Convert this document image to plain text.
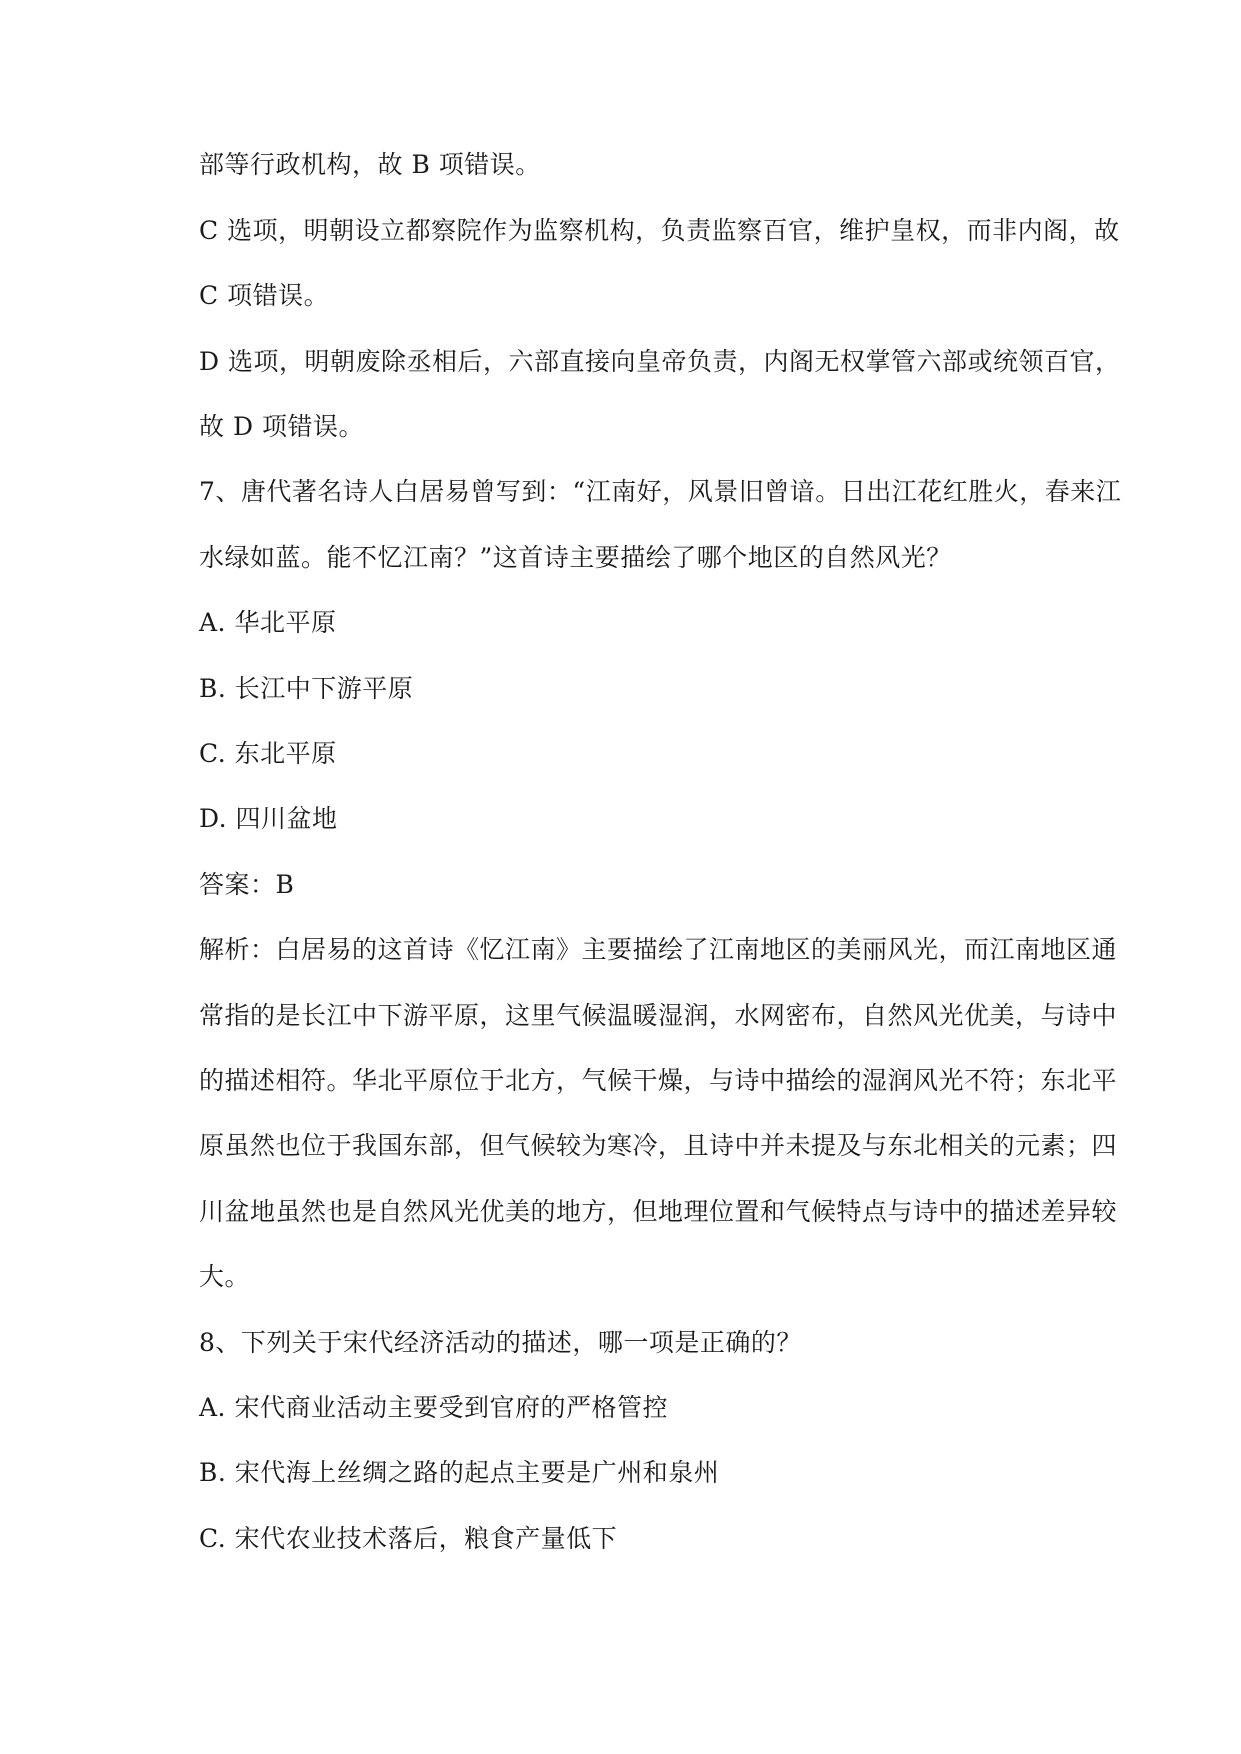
部等行政机构，故 B 项错误。
C 选项，明朝设立都察院作为监察机构，负责监察百官，维护皇权，而非内阁，故
C 项错误。
D 选项，明朝废除丞相后，六部直接向皇帝负责，内阁无权掌管六部或统领百官，
故 D 项错误。
7、唐代著名诗人白居易曾写到：“江南好，风景旧曾谙。日出江花红胜火，春来江
水绿如蓝。能不忆江南？”这首诗主要描绘了哪个地区的自然风光？
A. 华北平原
B. 长江中下游平原
C. 东北平原
D. 四川盆地
答案：B
解析：白居易的这首诗《忆江南》主要描绘了江南地区的美丽风光，而江南地区通
常指的是长江中下游平原，这里气候温暖湿润，水网密布，自然风光优美，与诗中
的描述相符。华北平原位于北方，气候干燥，与诗中描绘的湿润风光不符；东北平
原虽然也位于我国东部，但气候较为寒冷，且诗中并未提及与东北相关的元素；四
川盆地虽然也是自然风光优美的地方，但地理位置和气候特点与诗中的描述差异较
大。
8、下列关于宋代经济活动的描述，哪一项是正确的？
A. 宋代商业活动主要受到官府的严格管控
B. 宋代海上丝绸之路的起点主要是广州和泉州
C. 宋代农业技术落后，粮食产量低下
